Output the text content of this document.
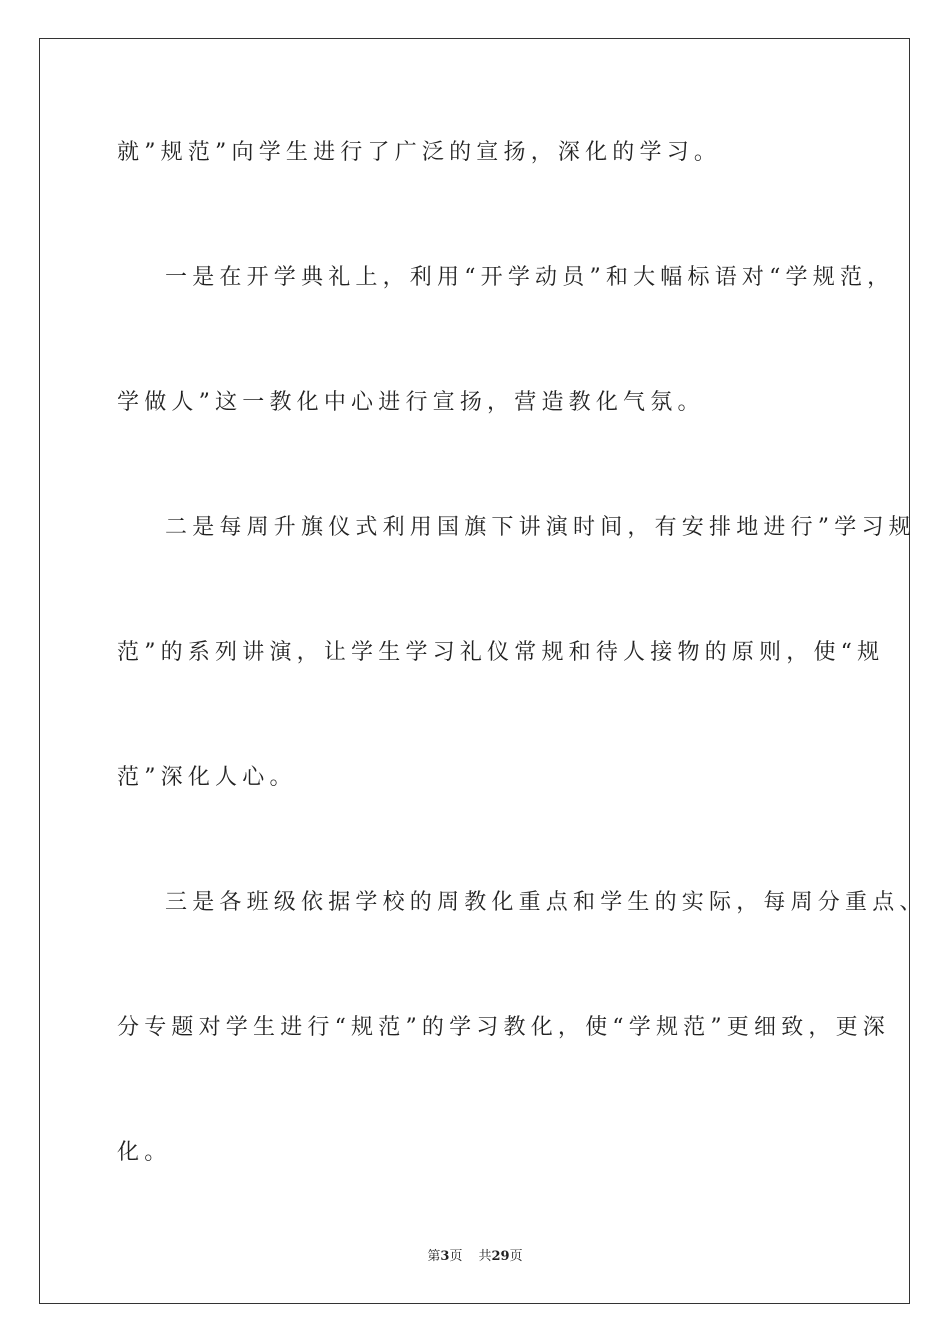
就”规范”向学生进行了广泛的宣扬，深化的学习。
一是在开学典礼上，利用“开学动员”和大幅标语对“学规范，
学做人”这一教化中心进行宣扬，营造教化气氛。
二是每周升旗仪式利用国旗下讲演时间，有安排地进行”学习规
范”的系列讲演，让学生学习礼仪常规和待人接物的原则，使“规
范”深化人心。
三是各班级依据学校的周教化重点和学生的实际，每周分重点、
分专题对学生进行“规范”的学习教化，使“学规范”更细致，更深
化。
第3页 共29页
